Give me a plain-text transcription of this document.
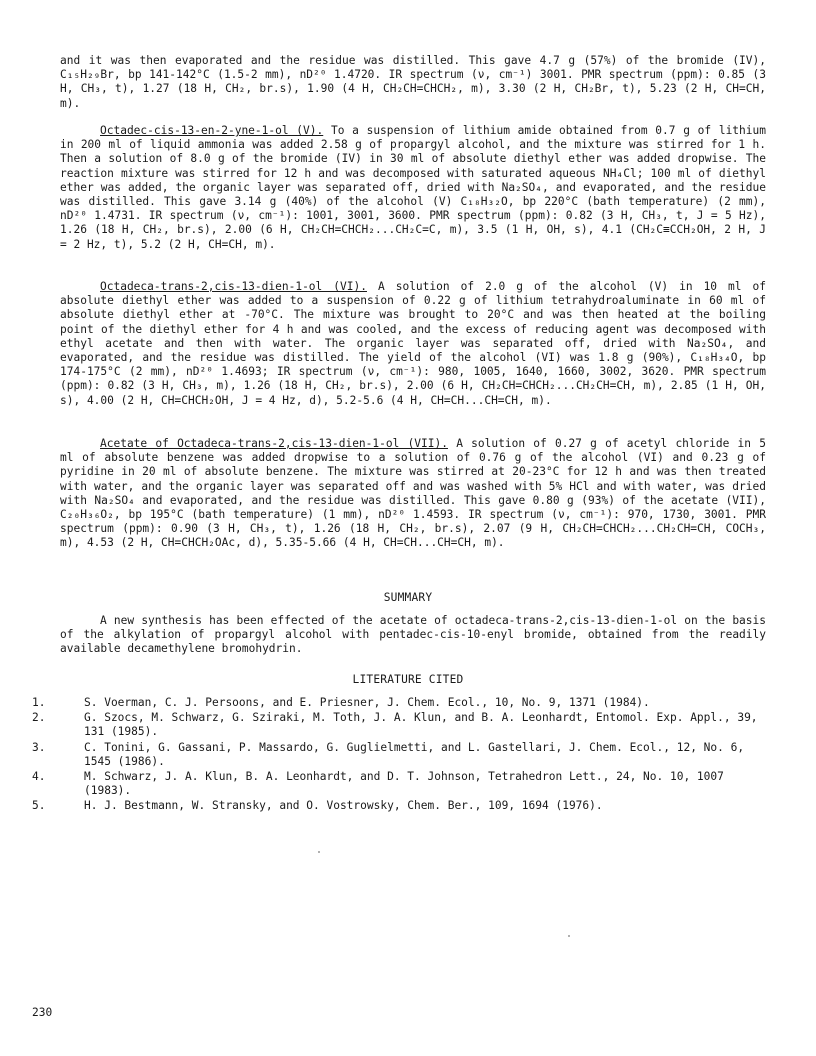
and it was then evaporated and the residue was distilled. This gave 4.7 g (57%) of the bromide (IV), C₁₅H₂₉Br, bp 141-142°C (1.5-2 mm), nD²⁰ 1.4720. IR spectrum (ν, cm⁻¹) 3001. PMR spectrum (ppm): 0.85 (3 H, CH₃, t), 1.27 (18 H, CH₂, br.s), 1.90 (4 H, CH₂CH=CHCH₂, m), 3.30 (2 H, CH₂Br, t), 5.23 (2 H, CH=CH, m).
Octadec-cis-13-en-2-yne-1-ol (V). To a suspension of lithium amide obtained from 0.7 g of lithium in 200 ml of liquid ammonia was added 2.58 g of propargyl alcohol, and the mixture was stirred for 1 h. Then a solution of 8.0 g of the bromide (IV) in 30 ml of absolute diethyl ether was added dropwise. The reaction mixture was stirred for 12 h and was decomposed with saturated aqueous NH₄Cl; 100 ml of diethyl ether was added, the organic layer was separated off, dried with Na₂SO₄, and evaporated, and the residue was distilled. This gave 3.14 g (40%) of the alcohol (V) C₁₈H₃₂O, bp 220°C (bath temperature) (2 mm), nD²⁰ 1.4731. IR spectrum (ν, cm⁻¹): 1001, 3001, 3600. PMR spectrum (ppm): 0.82 (3 H, CH₃, t, J = 5 Hz), 1.26 (18 H, CH₂, br.s), 2.00 (6 H, CH₂CH=CHCH₂...CH₂C=C, m), 3.5 (1 H, OH, s), 4.1 (CH₂C≡CCH₂OH, 2 H, J = 2 Hz, t), 5.2 (2 H, CH=CH, m).
Octadeca-trans-2,cis-13-dien-1-ol (VI). A solution of 2.0 g of the alcohol (V) in 10 ml of absolute diethyl ether was added to a suspension of 0.22 g of lithium tetrahydroaluminate in 60 ml of absolute diethyl ether at -70°C. The mixture was brought to 20°C and was then heated at the boiling point of the diethyl ether for 4 h and was cooled, and the excess of reducing agent was decomposed with ethyl acetate and then with water. The organic layer was separated off, dried with Na₂SO₄, and evaporated, and the residue was distilled. The yield of the alcohol (VI) was 1.8 g (90%), C₁₈H₃₄O, bp 174-175°C (2 mm), nD²⁰ 1.4693; IR spectrum (ν, cm⁻¹): 980, 1005, 1640, 1660, 3002, 3620. PMR spectrum (ppm): 0.82 (3 H, CH₃, m), 1.26 (18 H, CH₂, br.s), 2.00 (6 H, CH₂CH=CHCH₂...CH₂CH=CH, m), 2.85 (1 H, OH, s), 4.00 (2 H, CH=CHCH₂OH, J = 4 Hz, d), 5.2-5.6 (4 H, CH=CH...CH=CH, m).
Acetate of Octadeca-trans-2,cis-13-dien-1-ol (VII). A solution of 0.27 g of acetyl chloride in 5 ml of absolute benzene was added dropwise to a solution of 0.76 g of the alcohol (VI) and 0.23 g of pyridine in 20 ml of absolute benzene. The mixture was stirred at 20-23°C for 12 h and was then treated with water, and the organic layer was separated off and was washed with 5% HCl and with water, was dried with Na₂SO₄ and evaporated, and the residue was distilled. This gave 0.80 g (93%) of the acetate (VII), C₂₀H₃₆O₂, bp 195°C (bath temperature) (1 mm), nD²⁰ 1.4593. IR spectrum (ν, cm⁻¹): 970, 1730, 3001. PMR spectrum (ppm): 0.90 (3 H, CH₃, t), 1.26 (18 H, CH₂, br.s), 2.07 (9 H, CH₂CH=CHCH₂...CH₂CH=CH, COCH₃, m), 4.53 (2 H, CH=CHCH₂OAc, d), 5.35-5.66 (4 H, CH=CH...CH=CH, m).
SUMMARY
A new synthesis has been effected of the acetate of octadeca-trans-2,cis-13-dien-1-ol on the basis of the alkylation of propargyl alcohol with pentadec-cis-10-enyl bromide, obtained from the readily available decamethylene bromohydrin.
LITERATURE CITED
1.	S. Voerman, C. J. Persoons, and E. Priesner, J. Chem. Ecol., 10, No. 9, 1371 (1984).
2.	G. Szocs, M. Schwarz, G. Sziraki, M. Toth, J. A. Klun, and B. A. Leonhardt, Entomol. Exp. Appl., 39, 131 (1985).
3.	C. Tonini, G. Gassani, P. Massardo, G. Guglielmetti, and L. Gastellari, J. Chem. Ecol., 12, No. 6, 1545 (1986).
4.	M. Schwarz, J. A. Klun, B. A. Leonhardt, and D. T. Johnson, Tetrahedron Lett., 24, No. 10, 1007 (1983).
5.	H. J. Bestmann, W. Stransky, and O. Vostrowsky, Chem. Ber., 109, 1694 (1976).
230
